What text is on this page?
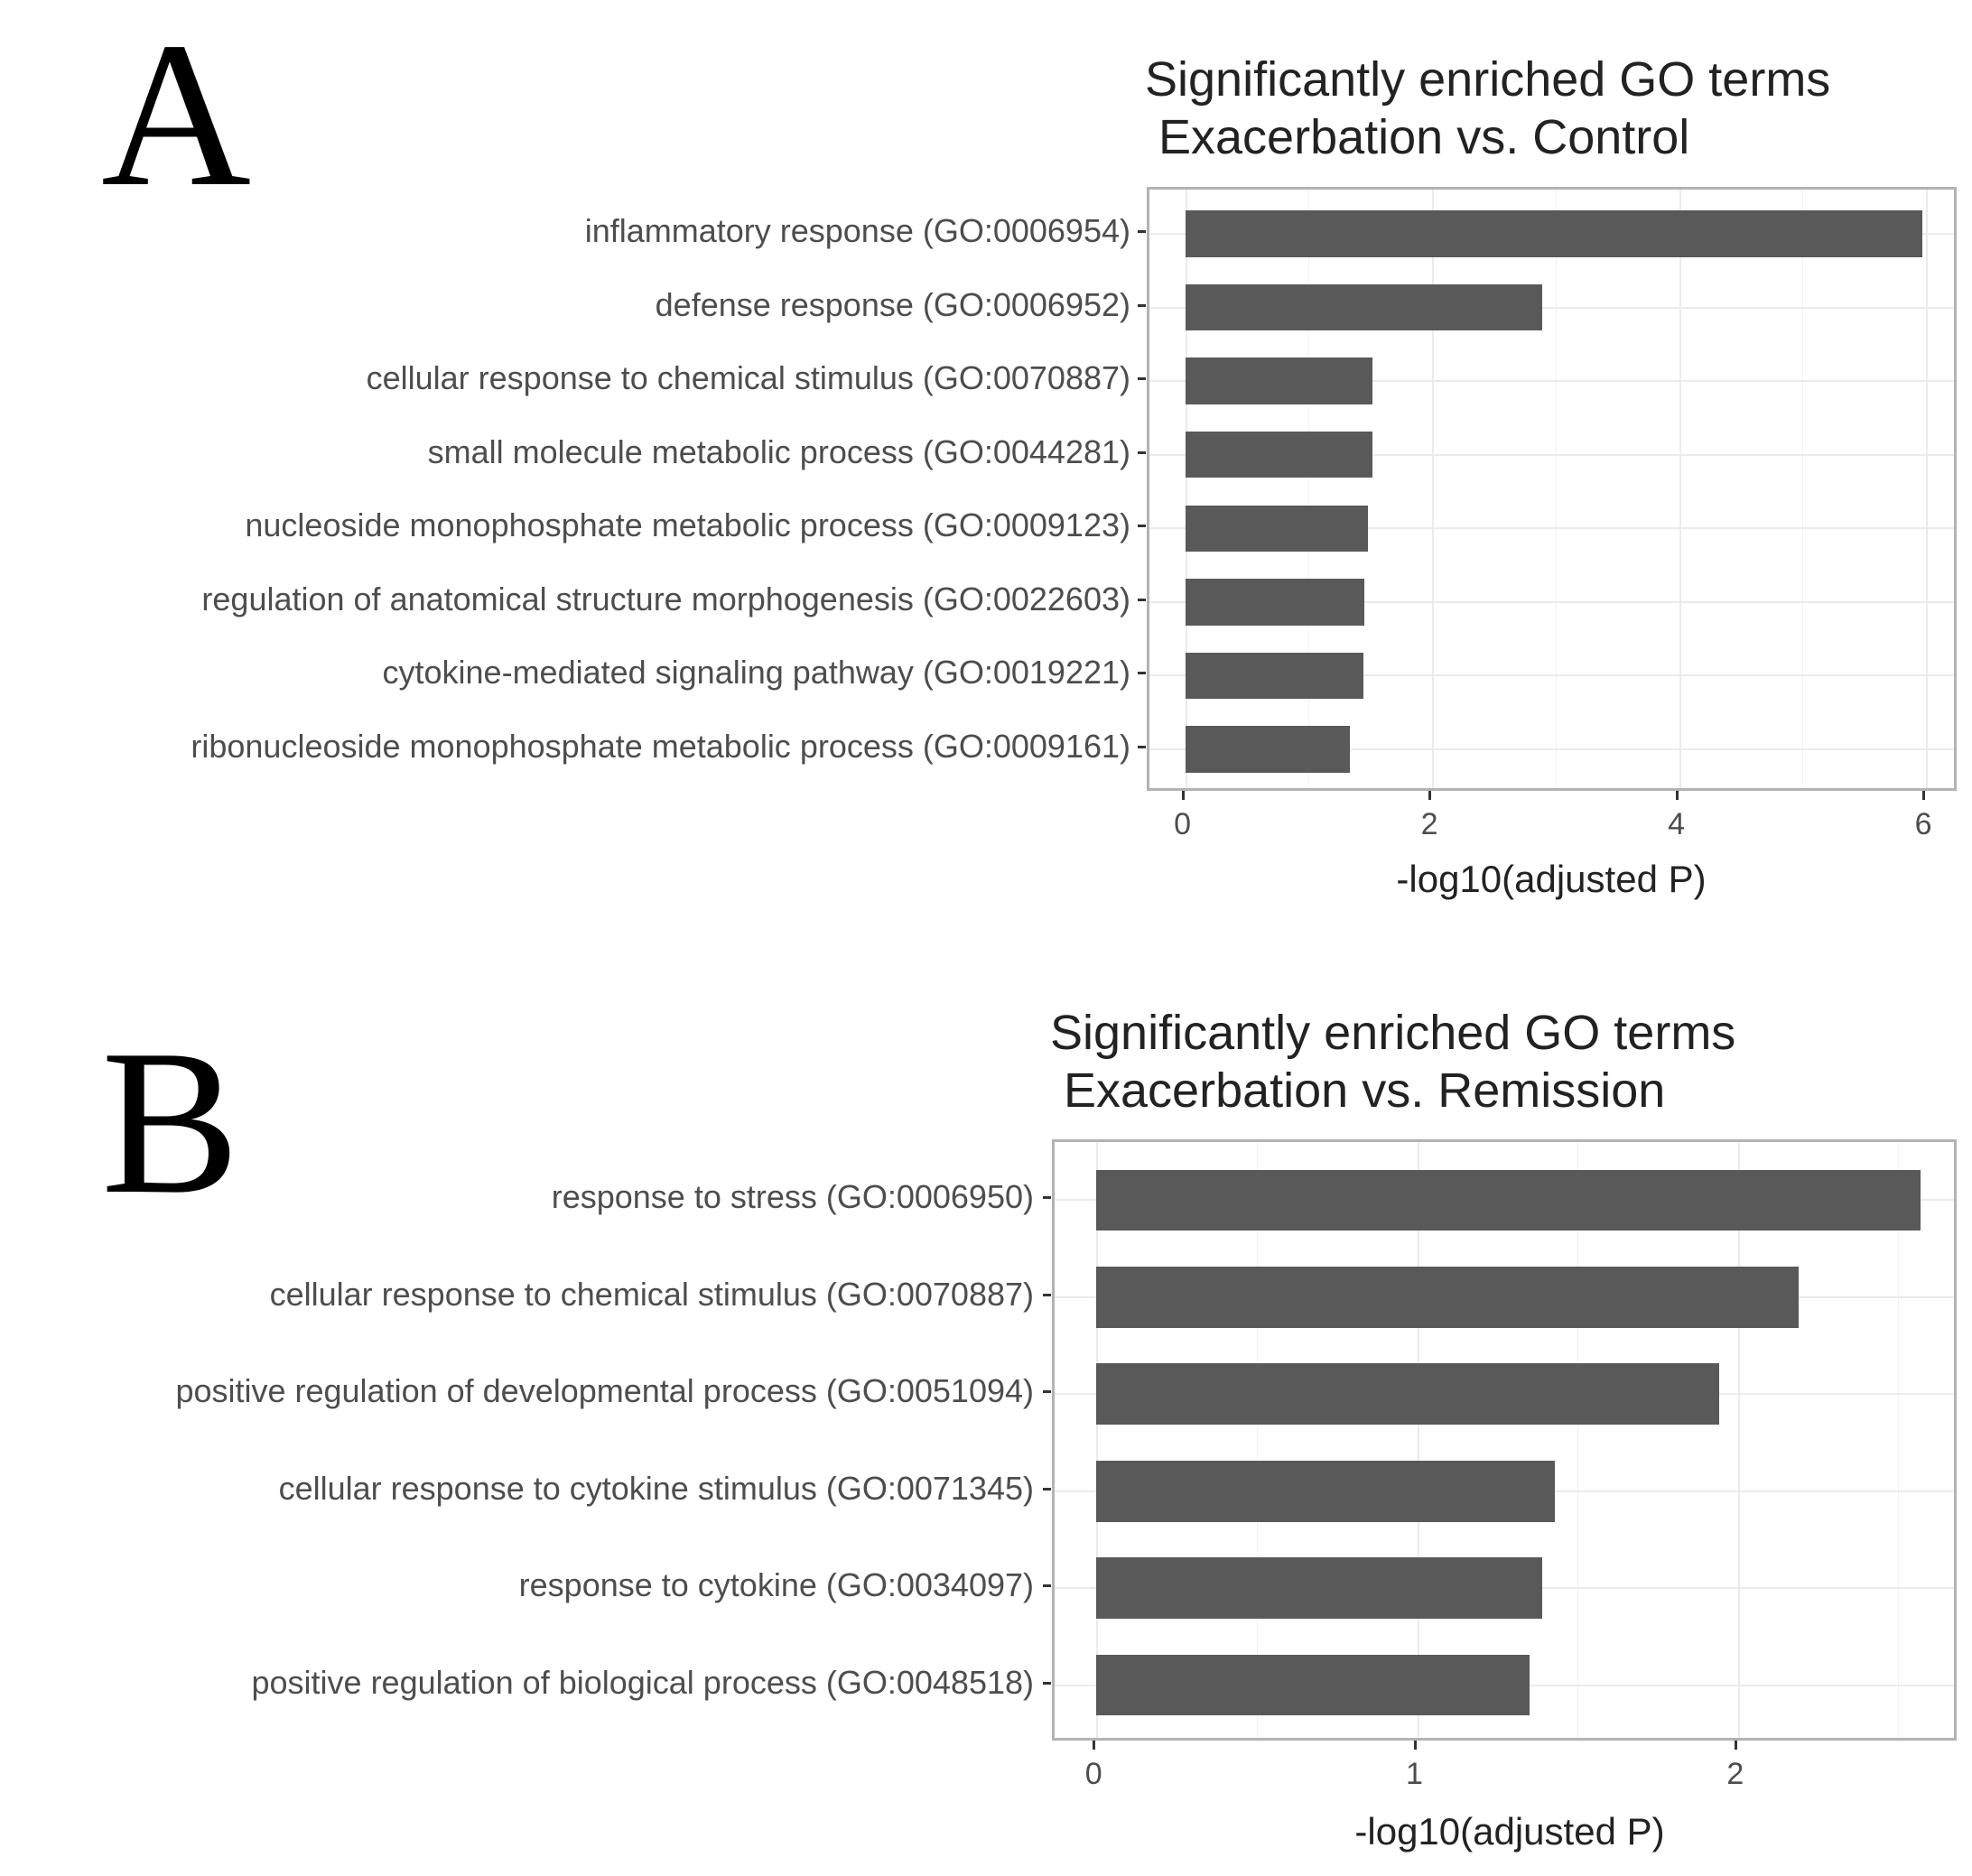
A
B
Significantly enriched GO terms
Exacerbation vs. Control
Significantly enriched GO terms
Exacerbation vs. Remission
inflammatory response (GO:0006954)
defense response (GO:0006952)
cellular response to chemical stimulus (GO:0070887)
small molecule metabolic process (GO:0044281)
nucleoside monophosphate metabolic process (GO:0009123)
regulation of anatomical structure morphogenesis (GO:0022603)
cytokine-mediated signaling pathway (GO:0019221)
ribonucleoside monophosphate metabolic process (GO:0009161)
0	2	4	6
-log10(adjusted P)
response to stress (GO:0006950)
cellular response to chemical stimulus (GO:0070887)
positive regulation of developmental process (GO:0051094)
cellular response to cytokine stimulus (GO:0071345)
response to cytokine (GO:0034097)
positive regulation of biological process (GO:0048518)
0	1	2
-log10(adjusted P)
